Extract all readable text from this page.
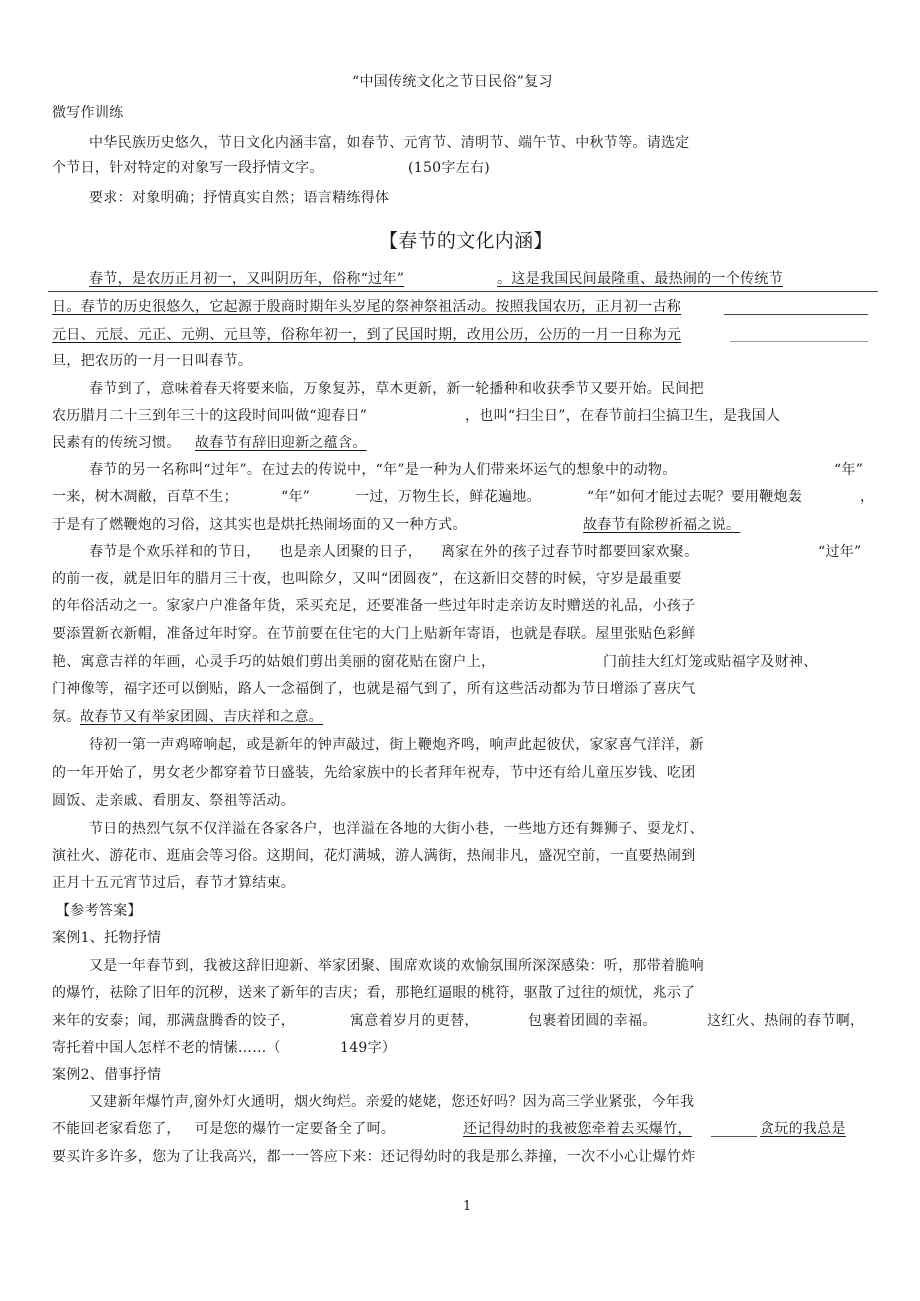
“中国传统文化之节日民俗”复习
微写作训练
中华民族历史悠久，节日文化内涵丰富，如春节、元宵节、清明节、端午节、中秋节等。请选定
个节日，针对特定的对象写一段抒情文字。	(150字左右)
要求：对象明确；抒情真实自然；语言精练得体
【春节的文化内涵】
春节，是农历正月初一，又叫阴历年，俗称“过年”	。这是我国民间最隆重、最热闹的一个传统节
日。春节的历史很悠久，它起源于殷商时期年头岁尾的祭神祭祖活动。按照我国农历，正月初一古称
元日、元辰、元正、元朔、元旦等，俗称年初一，到了民国时期，改用公历，公历的一月一日称为元
旦，把农历的一月一日叫春节。
春节到了，意味着春天将要来临，万象复苏，草木更新，新一轮播种和收获季节又要开始。民间把
农历腊月二十三到年三十的这段时间叫做“迎春日”	，也叫“扫尘日”，在春节前扫尘搞卫生，是我国人
民素有的传统习惯。 故春节有辞旧迎新之蕴含。
春节的另一名称叫“过年”。在过去的传说中，“年”是一种为人们带来坏运气的想象中的动物。	“年”
一来，树木凋敝，百草不生；	“年”	一过，万物生长，鲜花遍地。	“年”如何才能过去呢？要用鞭炮轰	，
于是有了燃鞭炮的习俗，这其实也是烘托热闹场面的又一种方式。	故春节有除秽祈福之说。
春节是个欢乐祥和的节日， 也是亲人团聚的日子， 离家在外的孩子过春节时都要回家欢聚。	“过年”
的前一夜，就是旧年的腊月三十夜，也叫除夕，又叫“团圆夜”，在这新旧交替的时候，守岁是最重要
的年俗活动之一。家家户户准备年货，采买充足，还要准备一些过年时走亲访友时赠送的礼品，小孩子
要添置新衣新帽，准备过年时穿。在节前要在住宅的大门上贴新年寄语，也就是春联。屋里张贴色彩鲜
艳、寓意吉祥的年画，心灵手巧的姑娘们剪出美丽的窗花贴在窗户上，	门前挂大红灯笼或贴福字及财神、
门神像等，福字还可以倒贴，路人一念福倒了，也就是福气到了，所有这些活动都为节日增添了喜庆气
氛。 故春节又有举家团圆、吉庆祥和之意。
待初一第一声鸡啼响起，或是新年的钟声敲过，街上鞭炮齐鸣，响声此起彼伏，家家喜气洋洋，新
的一年开始了，男女老少都穿着节日盛装，先给家族中的长者拜年祝寿，节中还有给儿童压岁钱、吃团
圆饭、走亲戚、看朋友、祭祖等活动。
节日的热烈气氛不仅洋溢在各家各户，也洋溢在各地的大街小巷，一些地方还有舞狮子、耍龙灯、
演社火、游花市、逛庙会等习俗。这期间，花灯满城，游人满街，热闹非凡，盛况空前，一直要热闹到
正月十五元宵节过后，春节才算结束。
【参考答案】
案例1、托物抒情
又是一年春节到，我被这辞旧迎新、举家团聚、围席欢谈的欢愉氛围所深深感染：听，那带着脆响
的爆竹，祛除了旧年的沉秽，送来了新年的吉庆；看，那艳红逼眼的桃符，驱散了过往的烦忧，兆示了
来年的安泰；闻，那满盘腾香的饺子，	寓意着岁月的更替，	包裹着团圆的幸福。	这红火、热闹的春节啊，
寄托着中国人怎样不老的情愫……（	149字）
案例2、借事抒情
又建新年爆竹声,窗外灯火通明，烟火绚烂。亲爱的姥姥，您还好吗？因为高三学业紧张，今年我
不能回老家看您了， 可是您的爆竹一定要备全了呵。	还记得幼时的我被您牵着去买爆竹，	贪玩的我总是
要买许多许多，您为了让我高兴，都一一答应下来：还记得幼时的我是那么莽撞，一次不小心让爆竹炸
1
